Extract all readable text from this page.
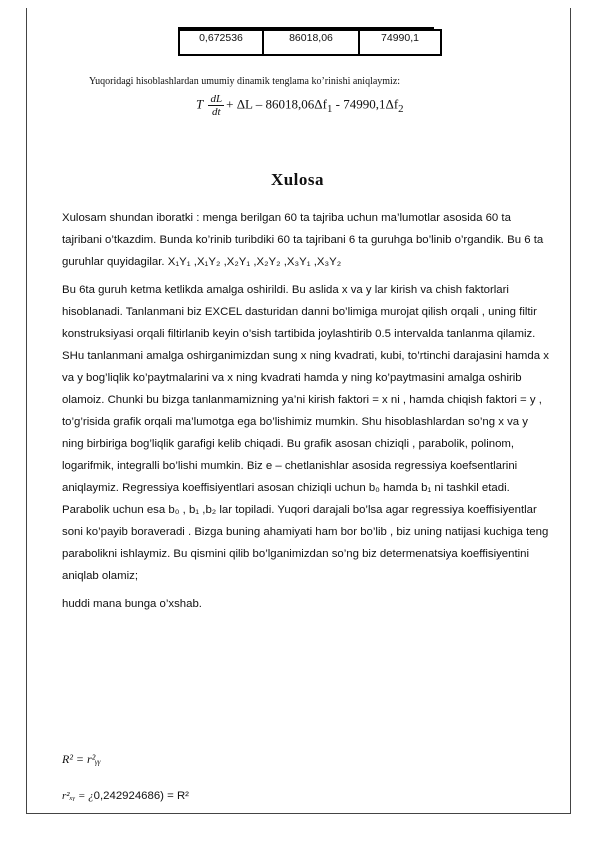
0,672536	86018,06	74990,1
Yuqoridagi hisoblashlardan umumiy dinamik tenglama ko’rinishi aniqlaymiz:
T $\frac{dL}{dt} + \Delta L - 86018,06\Delta f_1 - 74990,1\Delta f_2$
Xulosa

Xulosam shundan iboratki : menga berilgan 60 ta tajriba uchun ma’lumotlar asosida 60 ta tajribani o’tkazdim. Bunda ko’rinib turibdiki 60 ta tajribani 6 ta guruhga bo’linib o’rgandik. Bu 6 ta guruhlar quyidagilar. X₁Y₁ ,X₁Y₂ ,X₂Y₁ ,X₂Y₂ ,X₃Y₁ ,X₃Y₂

Bu 6ta guruh ketma ketlikda amalga oshirildi. Bu aslida x va y lar kirish va chish faktorlari hisoblanadi. Tanlanmani biz EXCEL dasturidan danni bo’limiga murojat qilish orqali , uning filtir konstruksiyasi orqali filtirlanib keyin o’sish tartibida joylashtirib 0.5 intervalda tanlanma qilamiz. SHu tanlanmani amalga oshirganimizdan sung x ning kvadrati, kubi, to’rtinchi darajasini hamda x va y bog’liqlik ko’paytmalarini va x ning kvadrati hamda y ning ko’paytmasini amalga oshirib olamoiz. Chunki bu bizga tanlanmamizning ya’ni kirish faktori = x ni , hamda chiqish faktori = y , to’g’risida grafik orqali ma’lumotga ega bo’lishimiz mumkin. Shu hisoblashlardan so’ng x va y ning birbiriga bog’liqlik garafigi kelib chiqadi. Bu grafik asosan chiziqli , parabolik, polinom, logarifmik, integralli bo’lishi mumkin. Biz e – chetlanishlar asosida regressiya koefsentlarini aniqlaymiz. Regressiya koeffisiyentlari asosan chiziqli uchun b₀ hamda b₁ ni tashkil etadi. Parabolik uchun esa b₀ , b₁ ,b₂ lar topiladi. Yuqori darajali bo’lsa agar regressiya koeffisiyentlar soni ko’payib boraveradi . Bizga buning ahamiyati ham bor bo’lib , biz uning natijasi kuchiga teng parabolikni ishlaymiz. Bu qismini qilib bo’lganimizdan so’ng biz determenatsiya koeffisiyentini aniqlab olamiz;

huddi mana bunga o’xshab.

R² = r²ᵧᵧ
r²ₓᵧ = ¿0,242924686) = R²
